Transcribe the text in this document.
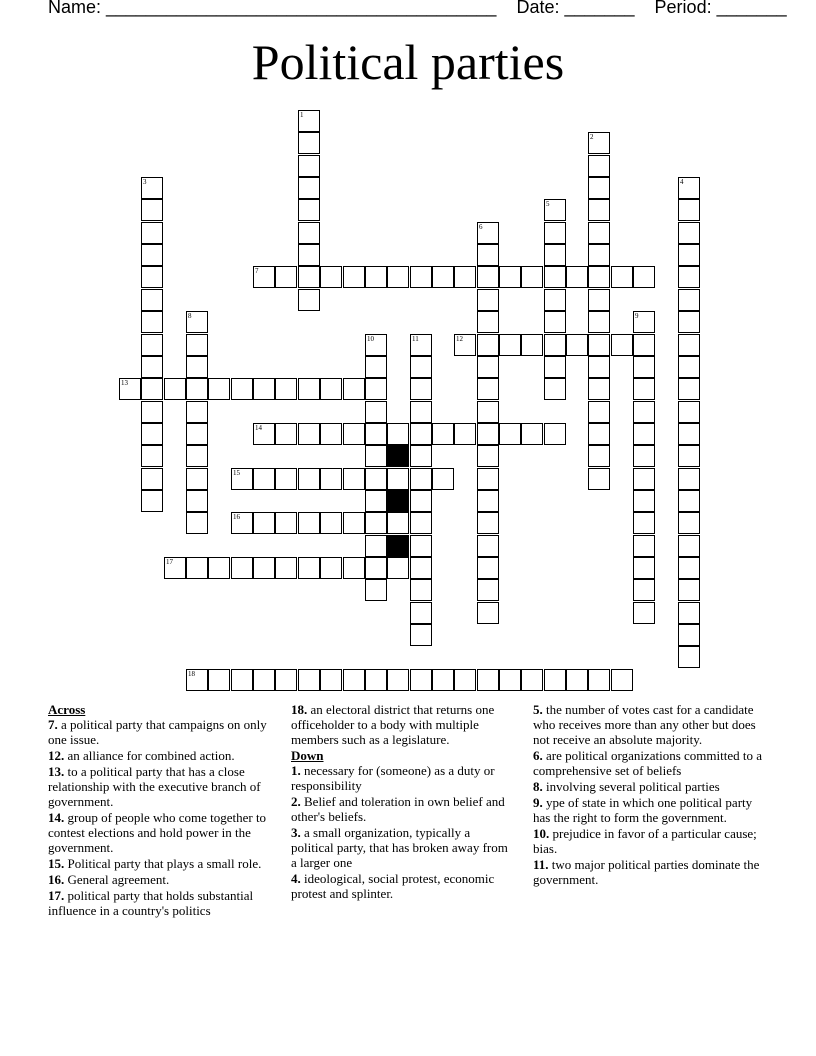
Name: _______________________________________    Date: _______    Period: _______
Political parties
1
2
3	4
5
6
7
8	9
10	11	12
13
14
15
16
17
18
Across
7. a political party that campaigns on only one issue.
12. an alliance for combined action.
13. to a political party that has a close relationship with the executive branch of government.
14. group of people who come together to contest elections and hold power in the government.
15. Political party that plays a small role.
16. General agreement.
17. political party that holds substantial influence in a country's politics
18. an electoral district that returns one officeholder to a body with multiple members such as a legislature.
Down
1. necessary for (someone) as a duty or responsibility
2. Belief and toleration in own belief and other's beliefs.
3. a small organization, typically a political party, that has broken away from a larger one
4. ideological, social protest, economic protest and splinter.
5. the number of votes cast for a candidate who receives more than any other but does not receive an absolute majority.
6. are political organizations committed to a comprehensive set of beliefs
8. involving several political parties
9. ype of state in which one political party has the right to form the government.
10. prejudice in favor of a particular cause; bias.
11. two major political parties dominate the government.
